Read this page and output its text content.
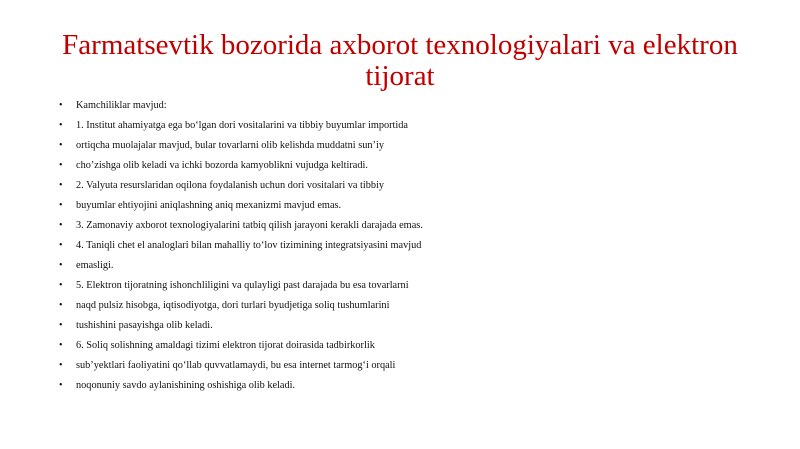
Farmatsevtik bozorida axborot texnologiyalari va elektron tijorat
• Kamchiliklar mavjud:
• 1. Institut ahamiyatga ega bo‘lgan dori vositalarini va tibbiy buyumlar importida
• ortiqcha muolajalar mavjud, bular tovarlarni olib kelishda muddatni sun’iy
• cho’zishga olib keladi va ichki bozorda kamyoblikni vujudga keltiradi.
• 2. Valyuta resurslaridan oqilona foydalanish uchun dori vositalari va tibbiy
• buyumlar ehtiyojini aniqlashning aniq mexanizmi mavjud emas.
• 3. Zamonaviy axborot texnologiyalarini tatbiq qilish jarayoni kerakli darajada emas.
• 4. Taniqli chet el analoglari bilan mahalliy to‘lov tizimining integratsiyasini mavjud
• emasligi.
• 5. Elektron tijoratning ishonchliligini va qulayligi past darajada bu esa tovarlarni
• naqd pulsiz hisobga, iqtisodiyotga, dori turlari byudjetiga soliq tushumlarini
• tushishini pasayishga olib keladi.
• 6. Soliq solishning amaldagi tizimi elektron tijorat doirasida tadbirkorlik
• sub’yektlari faoliyatini qo‘llab quvvatlamaydi, bu esa internet tarmog‘i orqali
• noqonuniy savdo aylanishining oshishiga olib keladi.
